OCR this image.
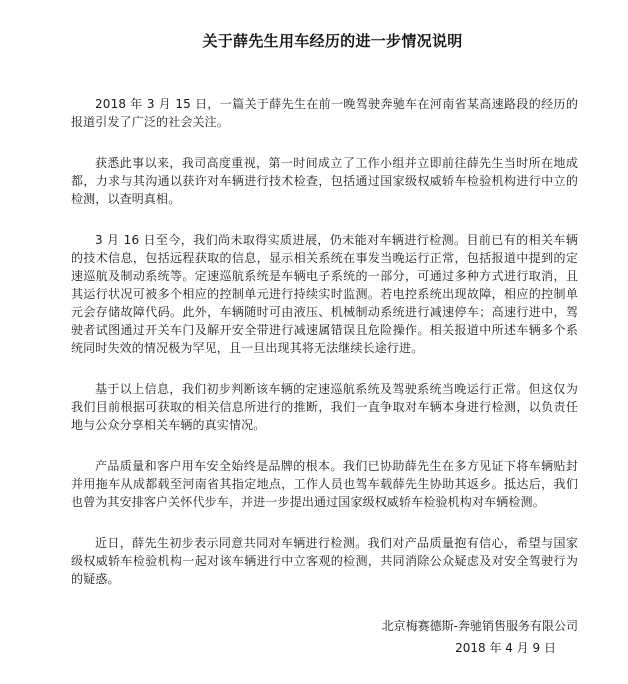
关于薛先生用车经历的进一步情况说明

2018 年 3 月 15 日，一篇关于薛先生在前一晚驾驶奔驰车在河南省某高速路段的经历的报道引发了广泛的社会关注。

获悉此事以来，我司高度重视，第一时间成立了工作小组并立即前往薛先生当时所在地成都，力求与其沟通以获许对车辆进行技术检查，包括通过国家级权威轿车检验机构进行中立的检测，以查明真相。

3 月 16 日至今，我们尚未取得实质进展，仍未能对车辆进行检测。目前已有的相关车辆的技术信息，包括远程获取的信息，显示相关系统在事发当晚运行正常，包括报道中提到的定速巡航及制动系统等。定速巡航系统是车辆电子系统的一部分，可通过多种方式进行取消，且其运行状况可被多个相应的控制单元进行持续实时监测。若电控系统出现故障，相应的控制单元会存储故障代码。此外，车辆随时可由液压、机械制动系统进行减速停车；高速行进中，驾驶者试图通过开关车门及解开安全带进行减速属错误且危险操作。相关报道中所述车辆多个系统同时失效的情况极为罕见，且一旦出现其将无法继续长途行进。

基于以上信息，我们初步判断该车辆的定速巡航系统及驾驶系统当晚运行正常。但这仅为我们目前根据可获取的相关信息所进行的推断，我们一直争取对车辆本身进行检测，以负责任地与公众分享相关车辆的真实情况。

产品质量和客户用车安全始终是品牌的根本。我们已协助薛先生在多方见证下将车辆贴封并用拖车从成都载至河南省其指定地点，工作人员也驾车载薛先生协助其返乡。抵达后，我们也曾为其安排客户关怀代步车，并进一步提出通过国家级权威轿车检验机构对车辆检测。

近日，薛先生初步表示同意共同对车辆进行检测。我们对产品质量抱有信心，希望与国家级权威轿车检验机构一起对该车辆进行中立客观的检测，共同消除公众疑虑及对安全驾驶行为的疑惑。

北京梅赛德斯-奔驰销售服务有限公司
2018 年 4 月 9 日
